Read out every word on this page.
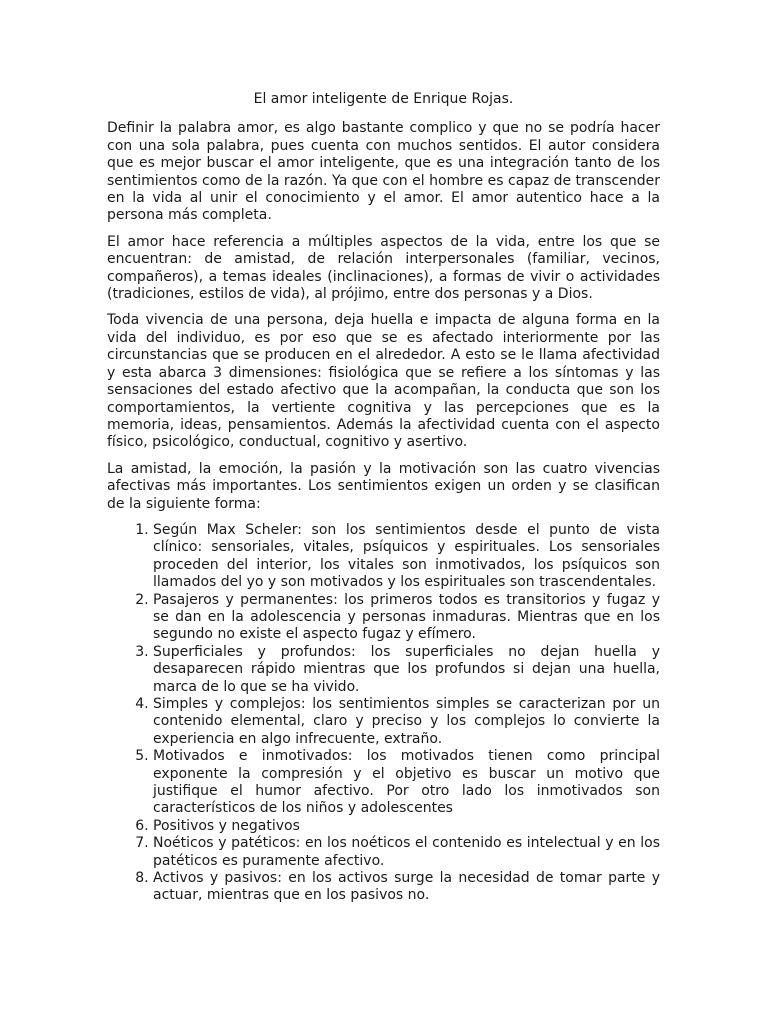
El amor inteligente de Enrique Rojas.

Definir la palabra amor, es algo bastante complico y que no se podría hacer con una sola palabra, pues cuenta con muchos sentidos. El autor considera que es mejor buscar el amor inteligente, que es una integración tanto de los sentimientos como de la razón. Ya que con el hombre es capaz de transcender en la vida al unir el conocimiento y el amor. El amor autentico hace a la persona más completa.

El amor hace referencia a múltiples aspectos de la vida, entre los que se encuentran: de amistad, de relación interpersonales (familiar, vecinos, compañeros), a temas ideales (inclinaciones), a formas de vivir o actividades (tradiciones, estilos de vida), al prójimo, entre dos personas y a Dios.

Toda vivencia de una persona, deja huella e impacta de alguna forma en la vida del individuo, es por eso que se es afectado interiormente por las circunstancias que se producen en el alrededor. A esto se le llama afectividad y esta abarca 3 dimensiones: fisiológica que se refiere a los síntomas y las sensaciones del estado afectivo que la acompañan, la conducta que son los comportamientos, la vertiente cognitiva y las percepciones que es la memoria, ideas, pensamientos. Además la afectividad cuenta con el aspecto físico, psicológico, conductual, cognitivo y asertivo.

La amistad, la emoción, la pasión y la motivación son las cuatro vivencias afectivas más importantes. Los sentimientos exigen un orden y se clasifican de la siguiente forma:

1. Según Max Scheler: son los sentimientos desde el punto de vista clínico: sensoriales, vitales, psíquicos y espirituales. Los sensoriales proceden del interior, los vitales son inmotivados, los psíquicos son llamados del yo y son motivados y los espirituales son trascendentales.
2. Pasajeros y permanentes: los primeros todos es transitorios y fugaz y se dan en la adolescencia y personas inmaduras. Mientras que en los segundo no existe el aspecto fugaz y efímero.
3. Superficiales y profundos: los superficiales no dejan huella y desaparecen rápido mientras que los profundos si dejan una huella, marca de lo que se ha vivido.
4. Simples y complejos: los sentimientos simples se caracterizan por un contenido elemental, claro y preciso y los complejos lo convierte la experiencia en algo infrecuente, extraño.
5. Motivados e inmotivados: los motivados tienen como principal exponente la compresión y el objetivo es buscar un motivo que justifique el humor afectivo. Por otro lado los inmotivados son característicos de los niños y adolescentes
6. Positivos y negativos
7. Noéticos y patéticos: en los noéticos el contenido es intelectual y en los patéticos es puramente afectivo.
8. Activos y pasivos: en los activos surge la necesidad de tomar parte y actuar, mientras que en los pasivos no.
